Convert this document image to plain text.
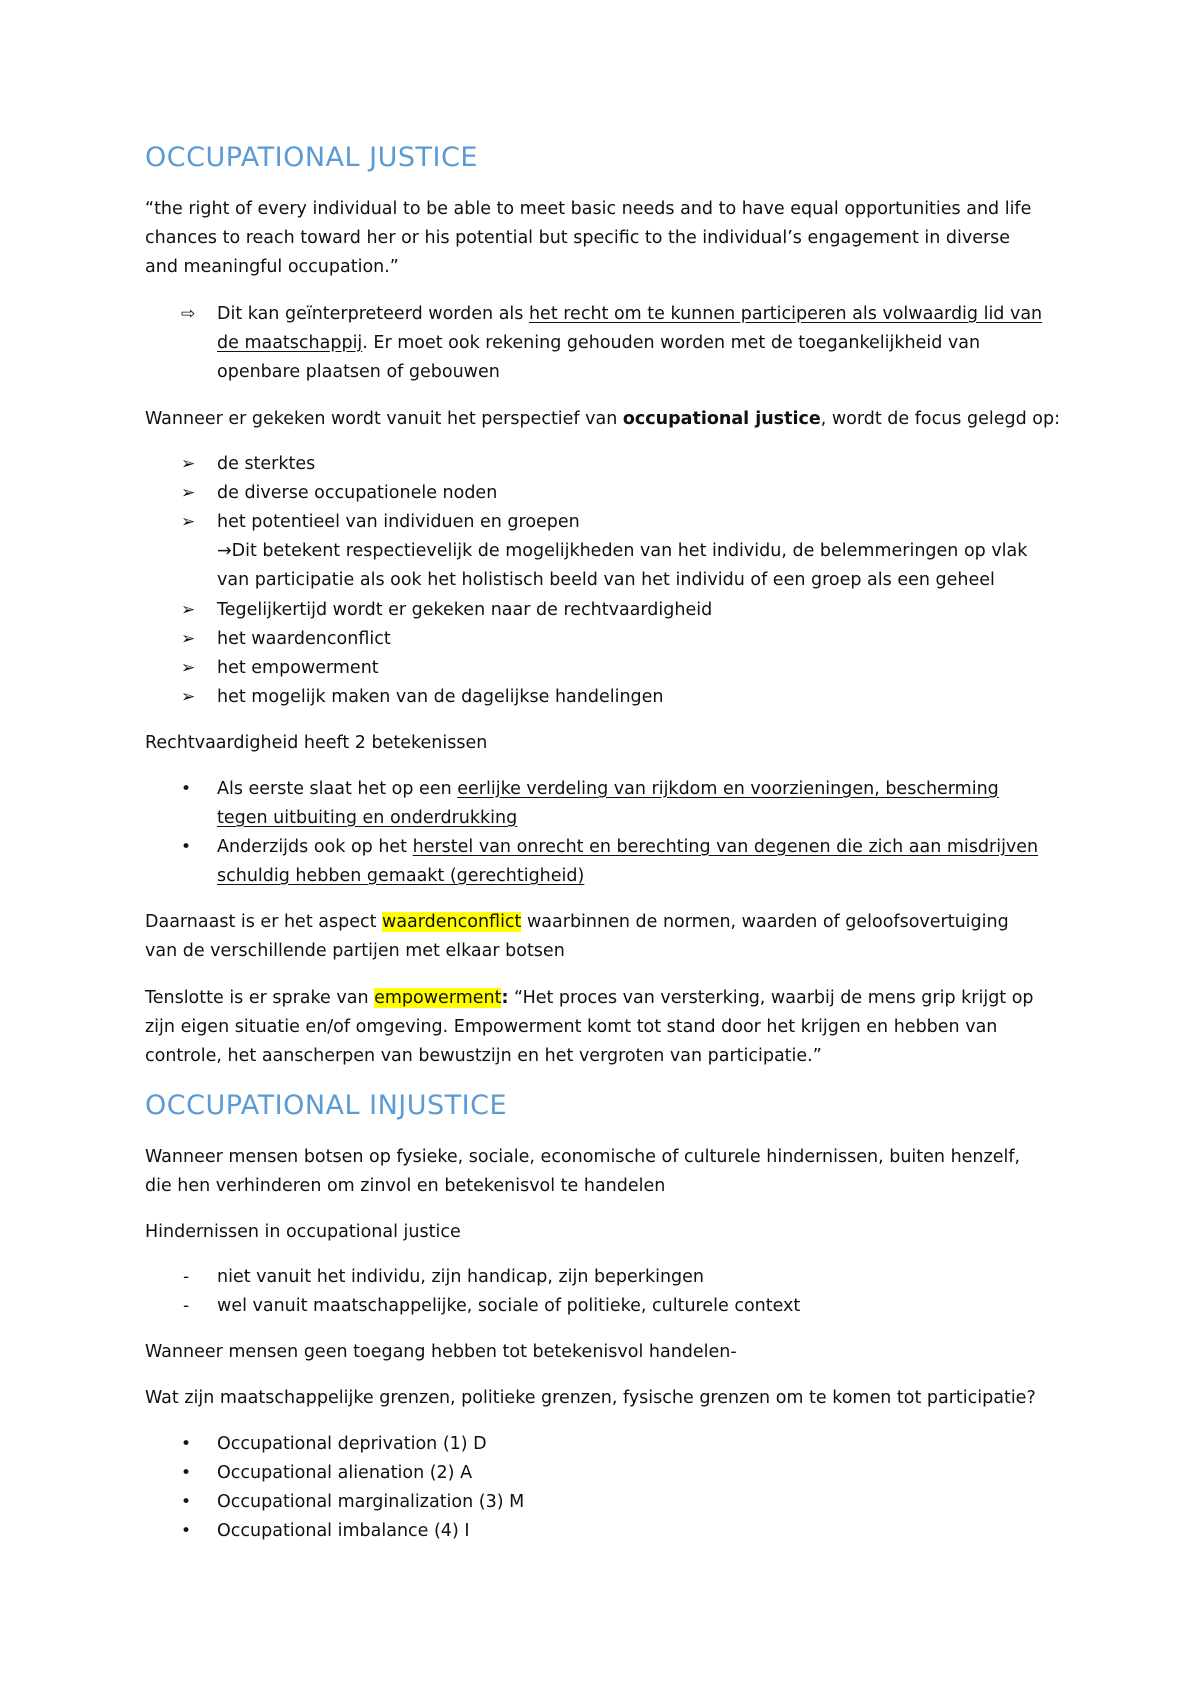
OCCUPATIONAL JUSTICE
“the right of every individual to be able to meet basic needs and to have equal opportunities and life
chances to reach toward her or his potential but specific to the individual’s engagement in diverse
and meaningful occupation.”
⇨ Dit kan geïnterpreteerd worden als het recht om te kunnen participeren als volwaardig lid van
de maatschappij. Er moet ook rekening gehouden worden met de toegankelijkheid van
openbare plaatsen of gebouwen
Wanneer er gekeken wordt vanuit het perspectief van occupational justice, wordt de focus gelegd op:
➢ de sterktes
➢ de diverse occupationele noden
➢ het potentieel van individuen en groepen
→Dit betekent respectievelijk de mogelijkheden van het individu, de belemmeringen op vlak
van participatie als ook het holistisch beeld van het individu of een groep als een geheel
➢ Tegelijkertijd wordt er gekeken naar de rechtvaardigheid
➢ het waardenconflict
➢ het empowerment
➢ het mogelijk maken van de dagelijkse handelingen
Rechtvaardigheid heeft 2 betekenissen
• Als eerste slaat het op een eerlijke verdeling van rijkdom en voorzieningen, bescherming
tegen uitbuiting en onderdrukking
• Anderzijds ook op het herstel van onrecht en berechting van degenen die zich aan misdrijven
schuldig hebben gemaakt (gerechtigheid)
Daarnaast is er het aspect waardenconflict waarbinnen de normen, waarden of geloofsovertuiging
van de verschillende partijen met elkaar botsen
Tenslotte is er sprake van empowerment: “Het proces van versterking, waarbij de mens grip krijgt op
zijn eigen situatie en/of omgeving. Empowerment komt tot stand door het krijgen en hebben van
controle, het aanscherpen van bewustzijn en het vergroten van participatie.”
OCCUPATIONAL INJUSTICE
Wanneer mensen botsen op fysieke, sociale, economische of culturele hindernissen, buiten henzelf,
die hen verhinderen om zinvol en betekenisvol te handelen
Hindernissen in occupational justice
- niet vanuit het individu, zijn handicap, zijn beperkingen
- wel vanuit maatschappelijke, sociale of politieke, culturele context
Wanneer mensen geen toegang hebben tot betekenisvol handelen-
Wat zijn maatschappelijke grenzen, politieke grenzen, fysische grenzen om te komen tot participatie?
• Occupational deprivation (1) D
• Occupational alienation (2) A
• Occupational marginalization (3) M
• Occupational imbalance (4) I
